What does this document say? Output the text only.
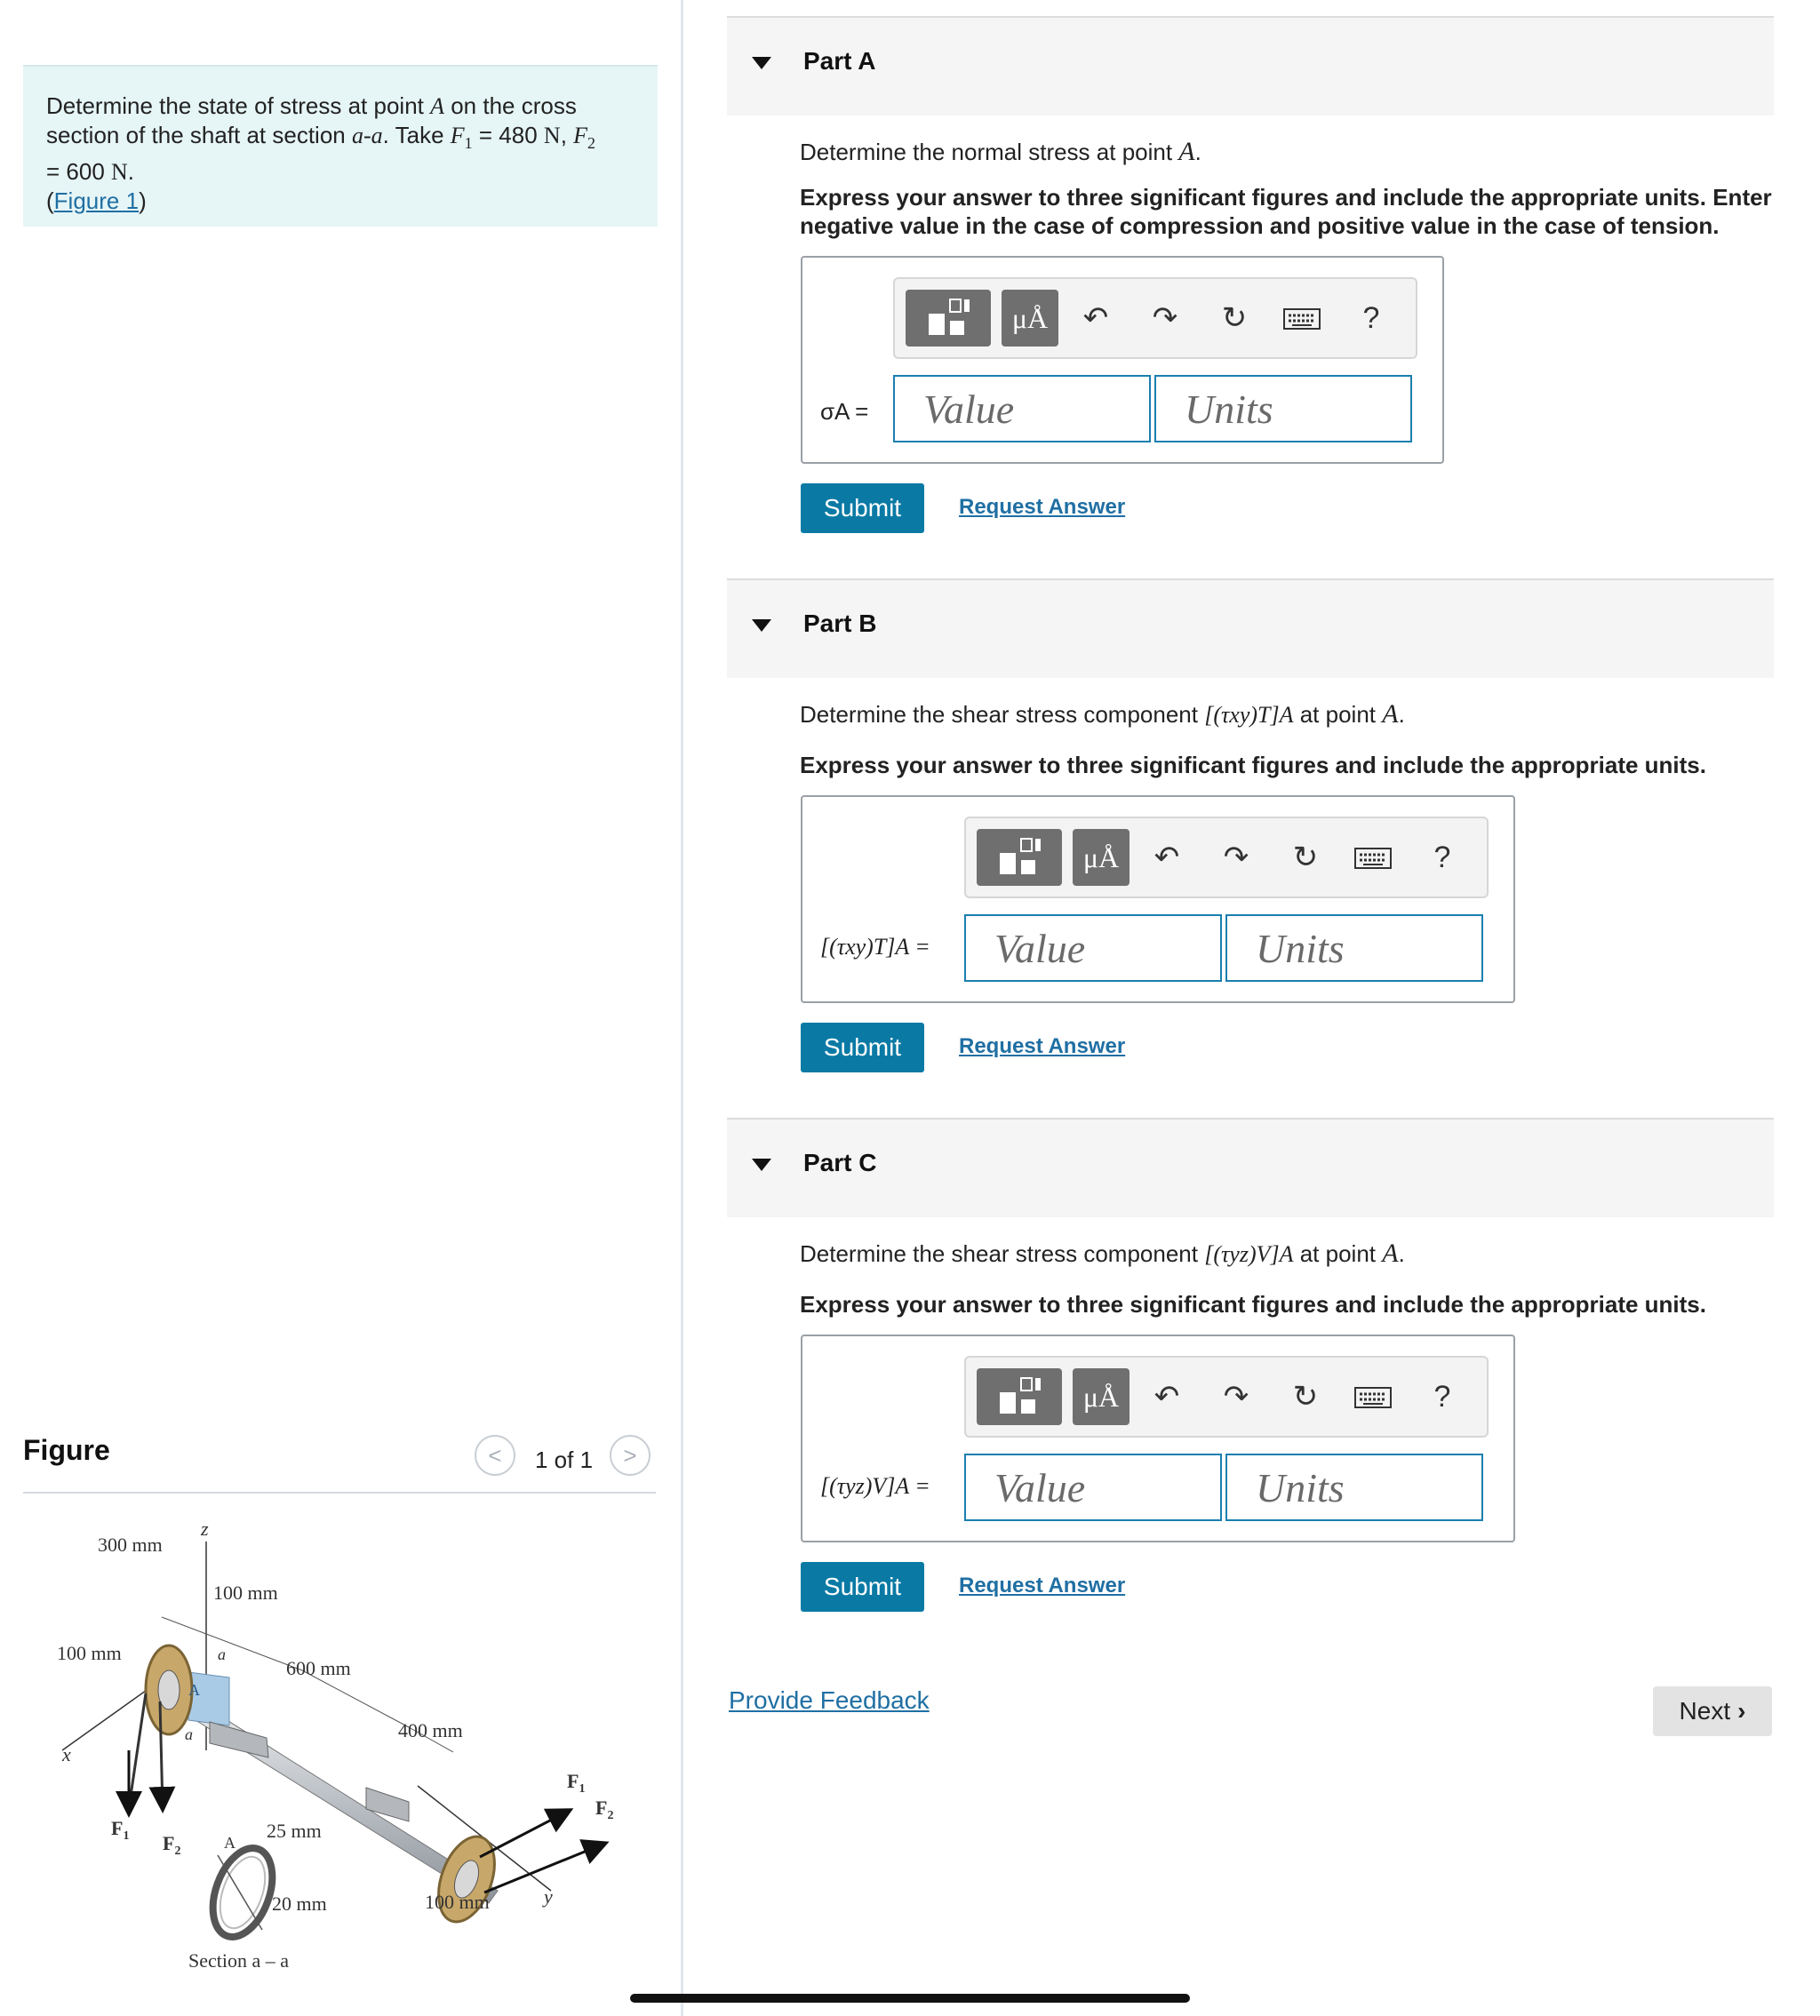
Determine the state of stress at point A on the cross section of the shaft at section a-a. Take $F_1 = 480$ N, $F_2$
= 600 N.
(Figure 1)
Figure	< 1 of 1 >
z
x
y
300 mm
100 mm
100 mm
600 mm
400 mm
100 mm
25 mm
20 mm
a
a
A
A
$F_1$ $F_2$
$F_1$
$F_2$
Section a – a
Part A
Determine the normal stress at point A.
Express your answer to three significant figures and include the appropriate units. Enter negative value in the case of compression and positive value in the case of tension.
μÅ	↶	↷	↻	?
σA =
Value
Units
Submit	Request Answer
Part B
Determine the shear stress component [(τxy)T]A at point A.
Express your answer to three significant figures and include the appropriate units.
μÅ	↶	↷	↻	?
[(τxy)T]A =
Value
Units
Submit	Request Answer
Part C
Determine the shear stress component [(τyz)V]A at point A.
Express your answer to three significant figures and include the appropriate units.
μÅ	↶	↷	↻	?
[(τyz)V]A =
Value
Units
Submit	Request Answer
Provide Feedback	Next ›
